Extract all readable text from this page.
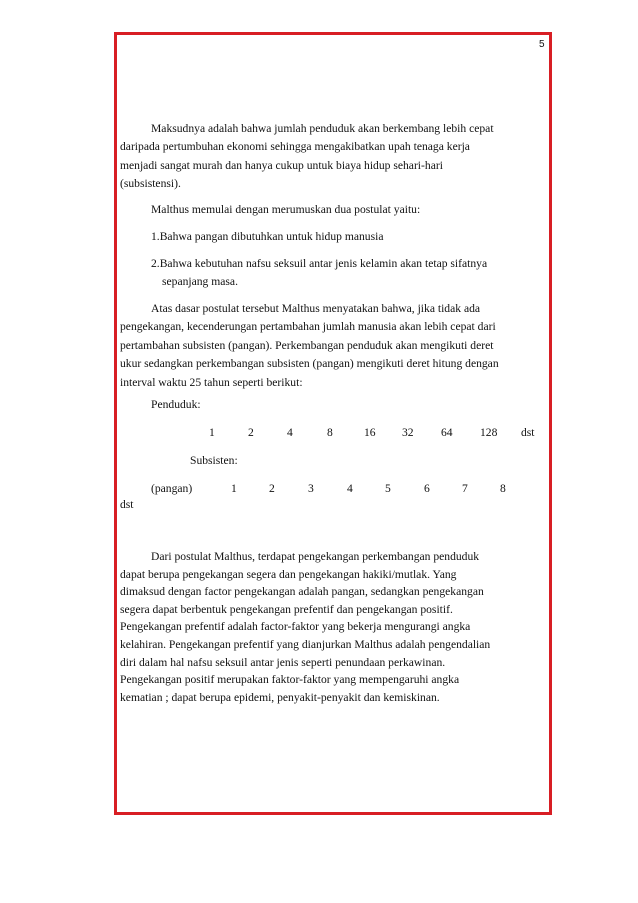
5
Maksudnya adalah bahwa jumlah penduduk akan berkembang lebih cepat
daripada pertumbuhan ekonomi sehingga mengakibatkan upah tenaga kerja
menjadi sangat murah dan hanya cukup untuk biaya hidup sehari-hari
(subsistensi).
Malthus memulai dengan merumuskan dua postulat yaitu:
1.Bahwa pangan dibutuhkan untuk hidup manusia
2.Bahwa kebutuhan nafsu seksuil antar jenis kelamin akan tetap sifatnya
sepanjang masa.
Atas dasar postulat tersebut Malthus menyatakan bahwa, jika tidak ada
pengekangan, kecenderungan pertambahan jumlah manusia akan lebih cepat dari
pertambahan subsisten (pangan). Perkembangan penduduk akan mengikuti deret
ukur sedangkan perkembangan subsisten (pangan) mengikuti deret hitung dengan
interval waktu 25 tahun seperti berikut:
Penduduk:
1	2	4	8	16 32 64 128 dst
Subsisten:
(pangan)	1	2	3	4	5	6	7	8
dst
Dari postulat Malthus, terdapat pengekangan perkembangan penduduk
dapat berupa pengekangan segera dan pengekangan hakiki/mutlak. Yang
dimaksud dengan factor pengekangan adalah pangan, sedangkan pengekangan
segera dapat berbentuk pengekangan prefentif dan pengekangan positif.
Pengekangan prefentif adalah factor-faktor yang bekerja mengurangi angka
kelahiran. Pengekangan prefentif yang dianjurkan Malthus adalah pengendalian
diri dalam hal nafsu seksuil antar jenis seperti penundaan perkawinan.
Pengekangan positif merupakan faktor-faktor yang mempengaruhi angka
kematian ; dapat berupa epidemi, penyakit-penyakit dan kemiskinan.
